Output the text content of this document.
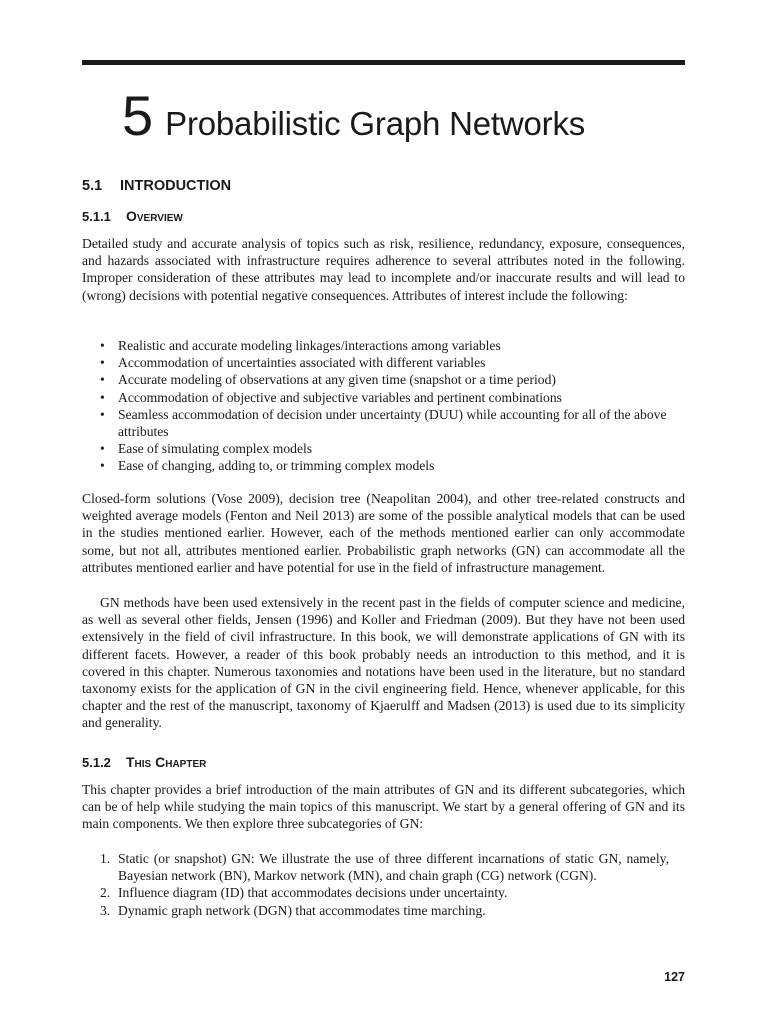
5 Probabilistic Graph Networks
5.1 INTRODUCTION
5.1.1 Overview

Detailed study and accurate analysis of topics such as risk, resilience, redundancy, exposure, consequences, and hazards associated with infrastructure requires adherence to several attributes noted in the following. Improper consideration of these attributes may lead to incomplete and/or inaccurate results and will lead to (wrong) decisions with potential negative consequences. Attributes of interest include the following:

• Realistic and accurate modeling linkages/interactions among variables
• Accommodation of uncertainties associated with different variables
• Accurate modeling of observations at any given time (snapshot or a time period)
• Accommodation of objective and subjective variables and pertinent combinations
• Seamless accommodation of decision under uncertainty (DUU) while accounting for all of the above attributes
• Ease of simulating complex models
• Ease of changing, adding to, or trimming complex models

Closed-form solutions (Vose 2009), decision tree (Neapolitan 2004), and other tree-related constructs and weighted average models (Fenton and Neil 2013) are some of the possible analytical models that can be used in the studies mentioned earlier. However, each of the methods mentioned earlier can only accommodate some, but not all, attributes mentioned earlier. Probabilistic graph networks (GN) can accommodate all the attributes mentioned earlier and have potential for use in the field of infrastructure management.

GN methods have been used extensively in the recent past in the fields of computer science and medicine, as well as several other fields, Jensen (1996) and Koller and Friedman (2009). But they have not been used extensively in the field of civil infrastructure. In this book, we will demonstrate applications of GN with its different facets. However, a reader of this book probably needs an introduction to this method, and it is covered in this chapter. Numerous taxonomies and notations have been used in the literature, but no standard taxonomy exists for the application of GN in the civil engineering field. Hence, whenever applicable, for this chapter and the rest of the manuscript, taxonomy of Kjaerulff and Madsen (2013) is used due to its simplicity and generality.

5.1.2 This Chapter

This chapter provides a brief introduction of the main attributes of GN and its different subcategories, which can be of help while studying the main topics of this manuscript. We start by a general offering of GN and its main components. We then explore three subcategories of GN:

1. Static (or snapshot) GN: We illustrate the use of three different incarnations of static GN, namely, Bayesian network (BN), Markov network (MN), and chain graph (CG) network (CGN).
2. Influence diagram (ID) that accommodates decisions under uncertainty.
3. Dynamic graph network (DGN) that accommodates time marching.
127
